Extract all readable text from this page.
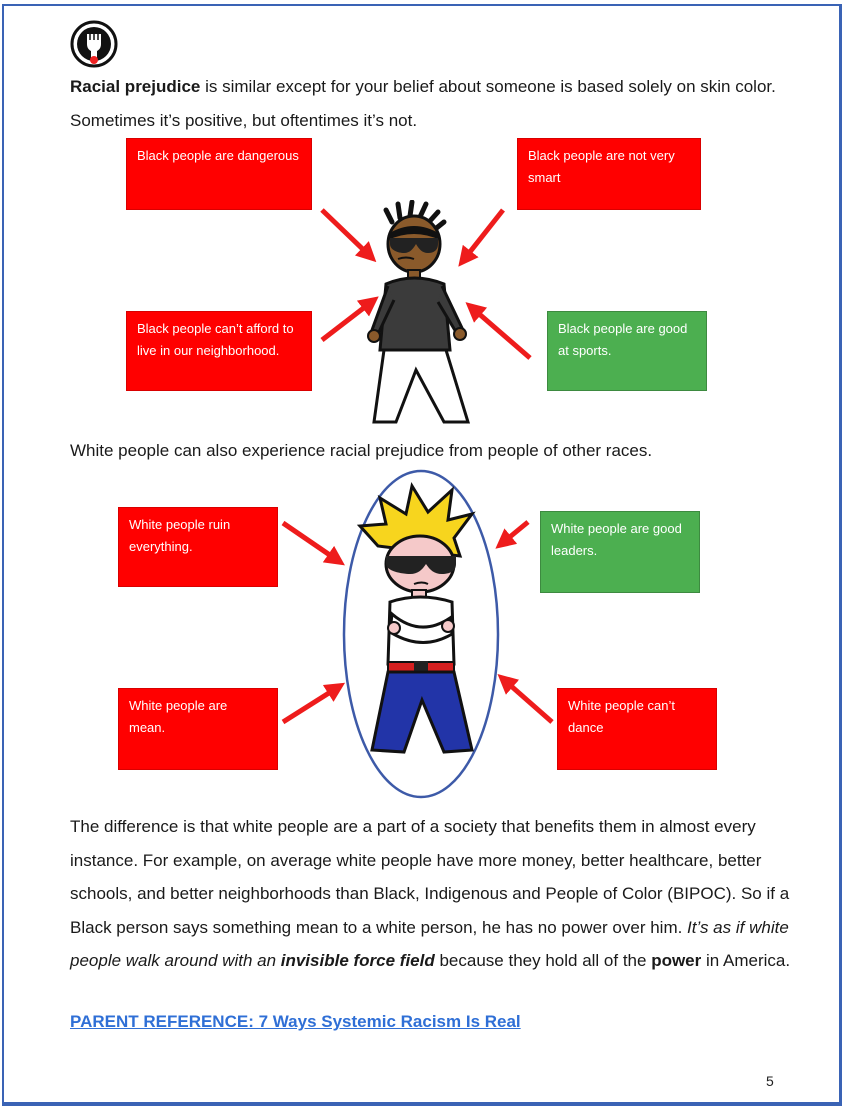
Racial prejudice is similar except for your belief about someone is based solely on skin color. Sometimes it’s positive, but oftentimes it’s not.

Black people are dangerous	Black people are not very smart
Black people can’t afford to live in our neighborhood.
Black people are good at sports.

White people can also experience racial prejudice from people of other races.

White people ruin everything.
White people are good leaders.
White people are mean.
White people can’t dance

The difference is that white people are a part of a society that benefits them in almost every instance. For example, on average white people have more money, better healthcare, better schools, and better neighborhoods than Black, Indigenous and People of Color (BIPOC). So if a Black person says something mean to a white person, he has no power over him. It’s as if white people walk around with an invisible force field because they hold all of the power in America.

PARENT REFERENCE: 7 Ways Systemic Racism Is Real
5
